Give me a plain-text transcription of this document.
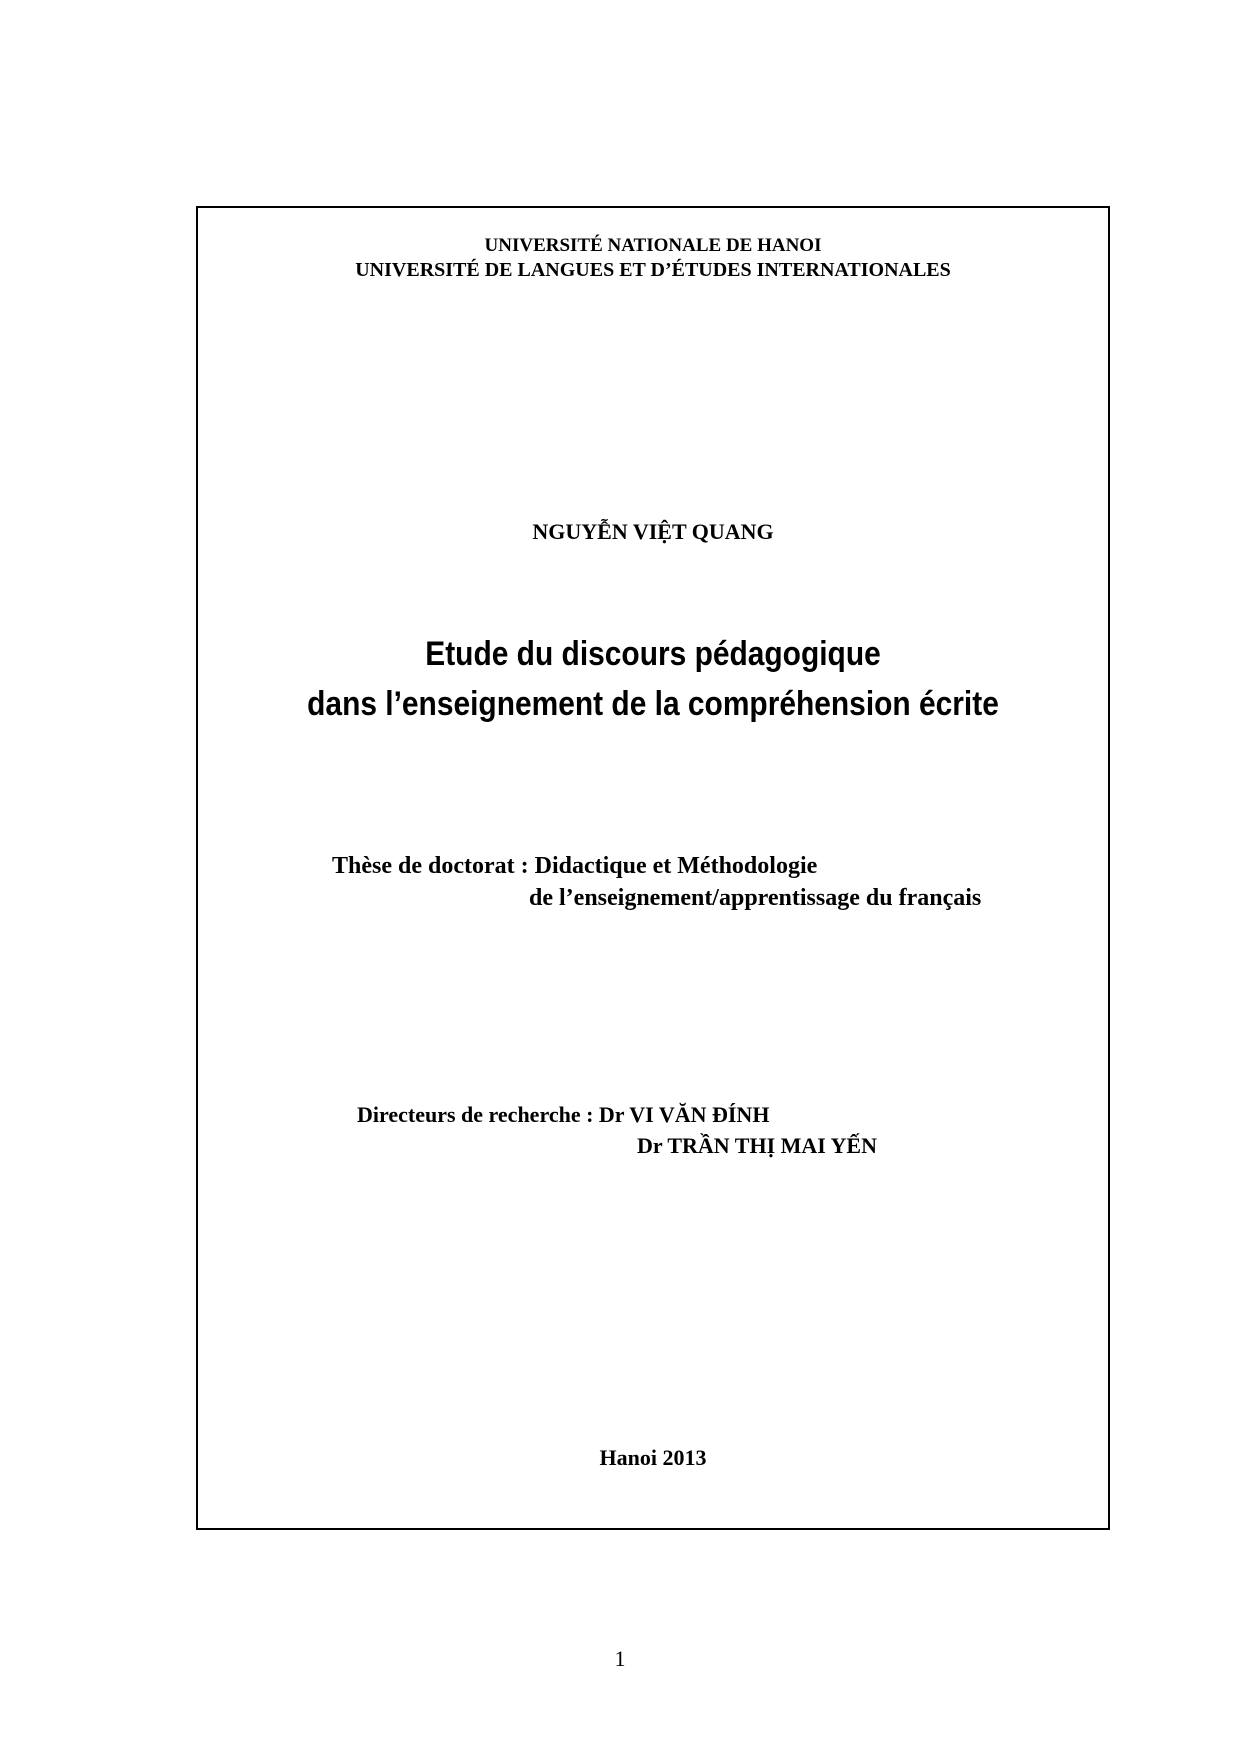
UNIVERSITÉ NATIONALE DE HANOI
UNIVERSITÉ DE LANGUES ET D’ÉTUDES INTERNATIONALES
NGUYỄN VIỆT QUANG
Etude du discours pédagogique
dans l’enseignement de la compréhension écrite
Thèse de doctorat : Didactique et Méthodologie
de l’enseignement/apprentissage du français
Directeurs de recherche : Dr VI VĂN ĐÍNH
Dr TRẦN THỊ MAI YẾN
Hanoi 2013
1
